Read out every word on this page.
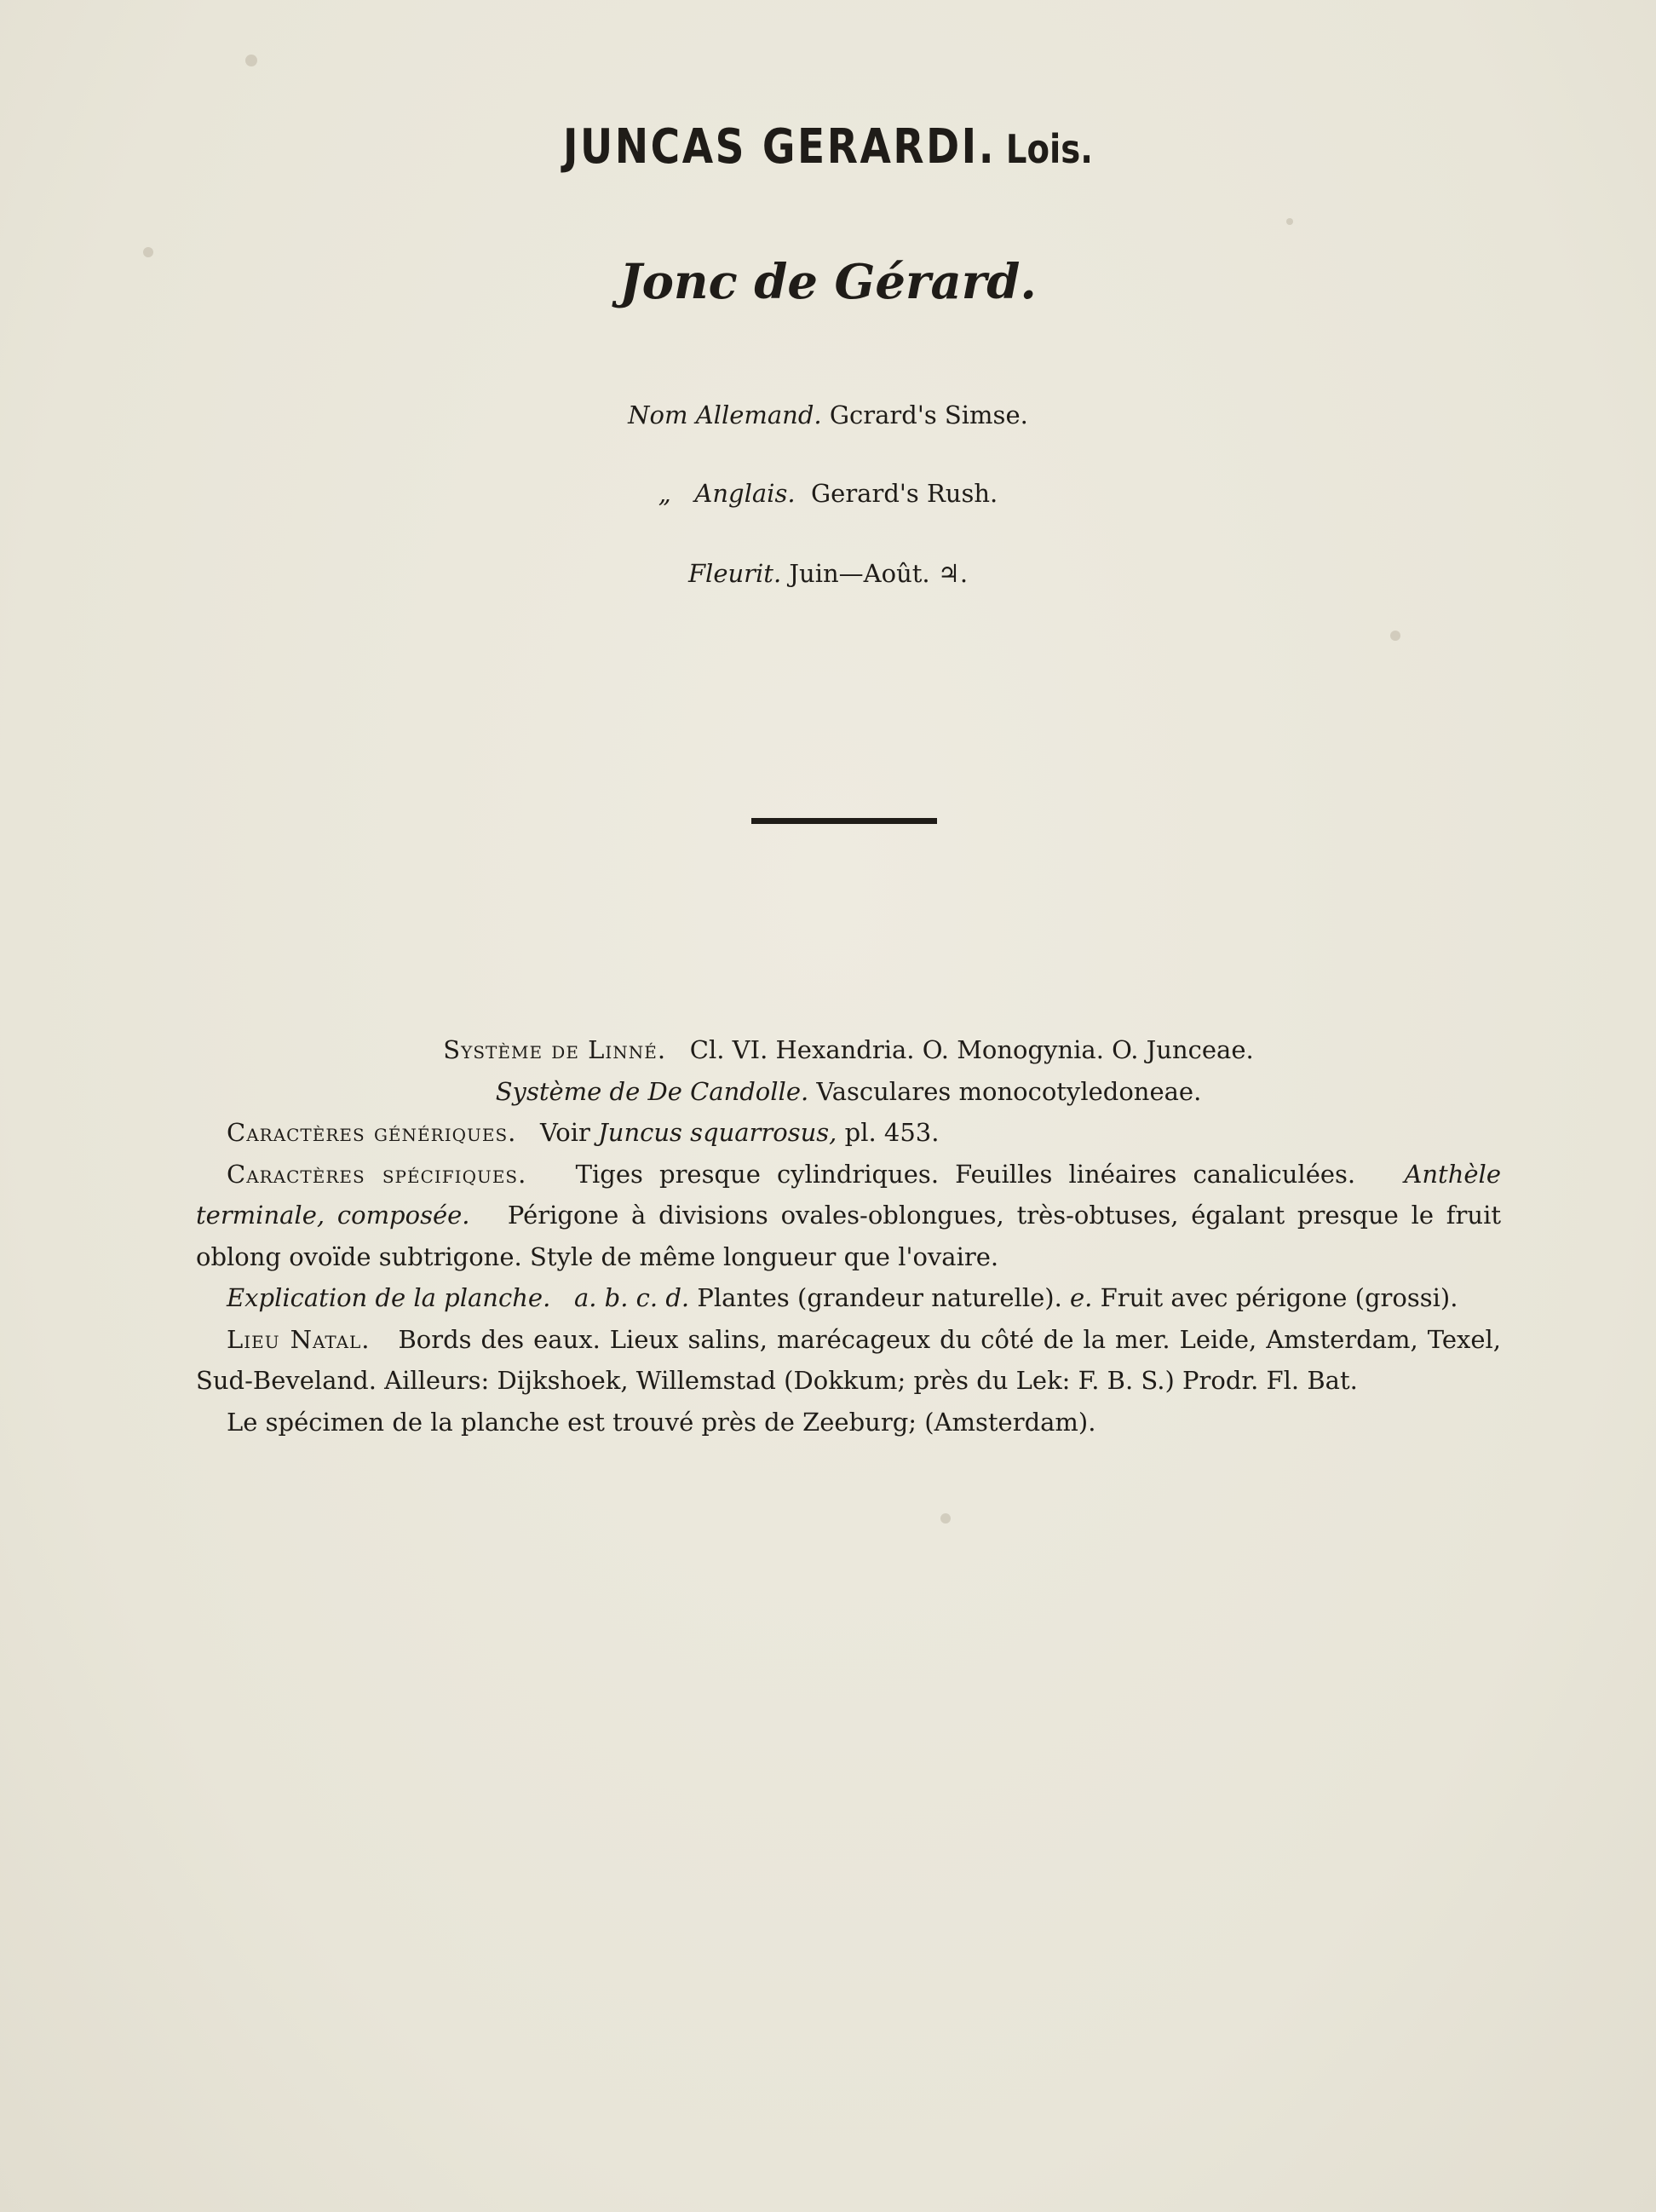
JUNCAS GERARDI. Lois.
Jonc de Gérard.
Nom Allemand. Gcrard's Simse.
„ Anglais. Gerard's Rush.
Fleurit. Juin—Août. ♃.

Système de Linné. Cl. VI. Hexandria. O. Monogynia. O. Junceae.

Système de De Candolle. Vasculares monocotyledoneae.

Caractères génériques. Voir Juncus squarrosus, pl. 453.

Caractères spécifiques. Tiges presque cylindriques. Feuilles linéaires canaliculées. Anthèle terminale, composée. Périgone à divisions ovales-oblongues, très-obtuses, égalant presque le fruit oblong ovoïde subtrigone. Style de même longueur que l'ovaire.

Explication de la planche. a. b. c. d. Plantes (grandeur naturelle). e. Fruit avec périgone (grossi).

Lieu Natal. Bords des eaux. Lieux salins, marécageux du côté de la mer. Leide, Amsterdam, Texel, Sud-Beveland. Ailleurs: Dijkshoek, Willemstad (Dokkum; près du Lek: F. B. S.) Prodr. Fl. Bat.

Le spécimen de la planche est trouvé près de Zeeburg; (Amsterdam).
